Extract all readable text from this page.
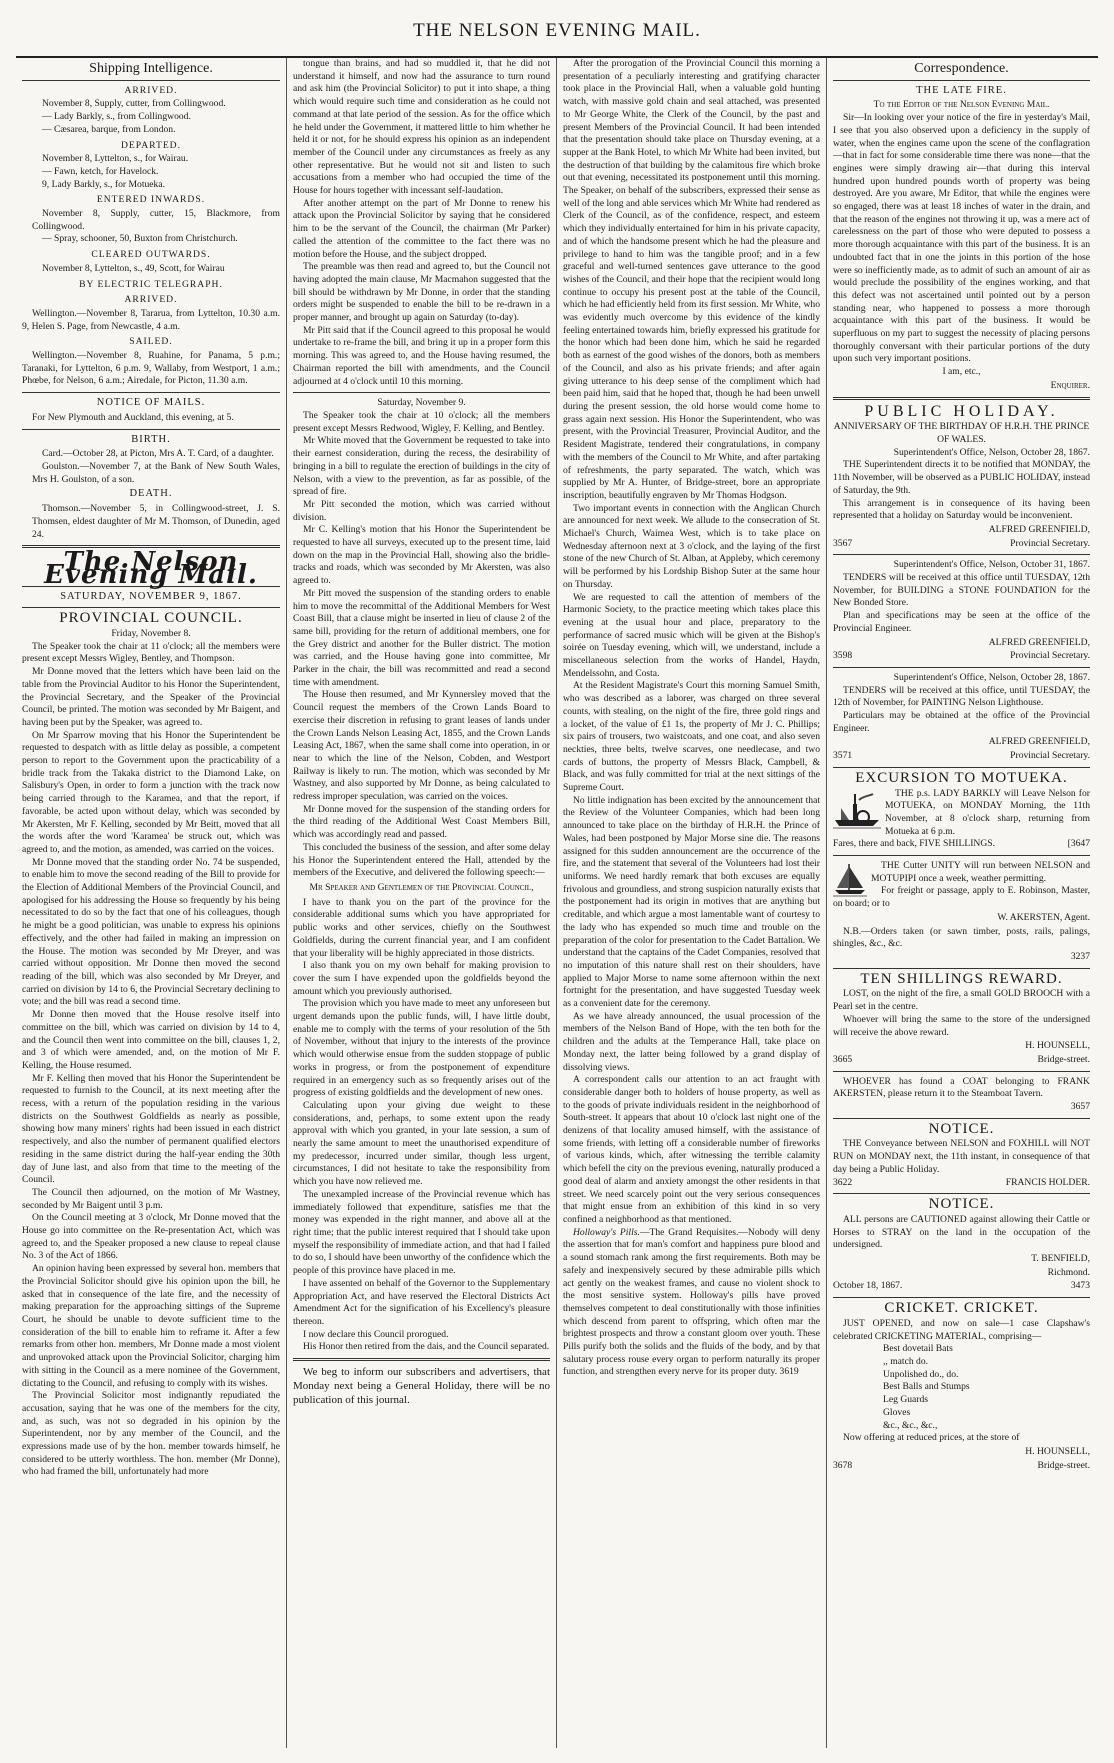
THE NELSON EVENING MAIL.
Shipping Intelligence.
ARRIVED.

November 8, Supply, cutter, from Collingwood.

— Lady Barkly, s., from Collingwood.

— Cæsarea, barque, from London.

DEPARTED.

November 8, Lyttelton, s., for Wairau.

— Fawn, ketch, for Havelock.

9, Lady Barkly, s., for Motueka.

ENTERED INWARDS.

November 8, Supply, cutter, 15, Blackmore, from Collingwood.

— Spray, schooner, 50, Buxton from Christchurch.

CLEARED OUTWARDS.

November 8, Lyttelton, s., 49, Scott, for Wairau

BY ELECTRIC TELEGRAPH.
ARRIVED.

Wellington.—November 8, Tararua, from Lyttelton, 10.30 a.m. 9, Helen S. Page, from Newcastle, 4 a.m.

SAILED.

Wellington.—November 8, Ruahine, for Panama, 5 p.m.; Taranaki, for Lyttelton, 6 p.m. 9, Wallaby, from Westport, 1 a.m.; Phœbe, for Nelson, 6 a.m.; Airedale, for Picton, 11.30 a.m.

NOTICE OF MAILS.

For New Plymouth and Auckland, this evening, at 5.

BIRTH.

Card.—October 28, at Picton, Mrs A. T. Card, of a daughter.

Goulston.—November 7, at the Bank of New South Wales, Mrs H. Goulston, of a son.

DEATH.

Thomson.—November 5, in Collingwood-street, J. S. Thomsen, eldest daughter of Mr M. Thomson, of Dunedin, aged 24.

The Nelson Evening Mail.
SATURDAY, NOVEMBER 9, 1867.
PROVINCIAL COUNCIL.
Friday, November 8.

The Speaker took the chair at 11 o'clock; all the members were present except Messrs Wigley, Bentley, and Thompson.

Mr Donne moved that the letters which have been laid on the table from the Provincial Auditor to his Honor the Superintendent, the Provincial Secretary, and the Speaker of the Provincial Council, be printed. The motion was seconded by Mr Baigent, and having been put by the Speaker, was agreed to.

On Mr Sparrow moving that his Honor the Superintendent be requested to despatch with as little delay as possible, a competent person to report to the Government upon the practicability of a bridle track from the Takaka district to the Diamond Lake, on Salisbury's Open, in order to form a junction with the track now being carried through to the Karamea, and that the report, if favorable, be acted upon without delay, which was seconded by Mr Akersten, Mr F. Kelling, seconded by Mr Beitt, moved that all the words after the word 'Karamea' be struck out, which was agreed to, and the motion, as amended, was carried on the voices.

Mr Donne moved that the standing order No. 74 be suspended, to enable him to move the second reading of the Bill to provide for the Election of Additional Members of the Provincial Council, and apologised for his addressing the House so frequently by his being necessitated to do so by the fact that one of his colleagues, though he might be a good politician, was unable to express his opinions effectively, and the other had failed in making an impression on the House. The motion was seconded by Mr Dreyer, and was carried without opposition. Mr Donne then moved the second reading of the bill, which was also seconded by Mr Dreyer, and carried on division by 14 to 6, the Provincial Secretary declining to vote; and the bill was read a second time.

Mr Donne then moved that the House resolve itself into committee on the bill, which was carried on division by 14 to 4, and the Council then went into committee on the bill, clauses 1, 2, and 3 of which were amended, and, on the motion of Mr F. Kelling, the House resumed.

Mr F. Kelling then moved that his Honor the Superintendent be requested to furnish to the Council, at its next meeting after the recess, with a return of the population residing in the various districts on the Southwest Goldfields as nearly as possible, showing how many miners' rights had been issued in each district respectively, and also the number of permanent qualified electors residing in the same district during the half-year ending the 30th day of June last, and also from that time to the meeting of the Council.

The Council then adjourned, on the motion of Mr Wastney, seconded by Mr Baigent until 3 p.m.

On the Council meeting at 3 o'clock, Mr Donne moved that the House go into committee on the Re-presentation Act, which was agreed to, and the Speaker proposed a new clause to repeal clause No. 3 of the Act of 1866.

An opinion having been expressed by several hon. members that the Provincial Solicitor should give his opinion upon the bill, he asked that in consequence of the late fire, and the necessity of making preparation for the approaching sittings of the Supreme Court, he should be unable to devote sufficient time to the consideration of the bill to enable him to reframe it. After a few remarks from other hon. members, Mr Donne made a most violent and unprovoked attack upon the Provincial Solicitor, charging him with sitting in the Council as a mere nominee of the Government, dictating to the Council, and refusing to comply with its wishes.

The Provincial Solicitor most indignantly repudiated the accusation, saying that he was one of the members for the city, and, as such, was not so degraded in his opinion by the Superintendent, nor by any member of the Council, and the expressions made use of by the hon. member towards himself, he considered to be utterly worthless. The hon. member (Mr Donne), who had framed the bill, unfortunately had more

tongue than brains, and had so muddled it, that he did not understand it himself, and now had the assurance to turn round and ask him (the Provincial Solicitor) to put it into shape, a thing which would require such time and consideration as he could not command at that late period of the session. As for the office which he held under the Government, it mattered little to him whether he held it or not, for he should express his opinion as an independent member of the Council under any circumstances as freely as any other representative. But he would not sit and listen to such accusations from a member who had occupied the time of the House for hours together with incessant self-laudation.

After another attempt on the part of Mr Donne to renew his attack upon the Provincial Solicitor by saying that he considered him to be the servant of the Council, the chairman (Mr Parker) called the attention of the committee to the fact there was no motion before the House, and the subject dropped.

The preamble was then read and agreed to, but the Council not having adopted the main clause, Mr Macmahon suggested that the bill should be withdrawn by Mr Donne, in order that the standing orders might be suspended to enable the bill to be re-drawn in a proper manner, and brought up again on Saturday (to-day).

Mr Pitt said that if the Council agreed to this proposal he would undertake to re-frame the bill, and bring it up in a proper form this morning. This was agreed to, and the House having resumed, the Chairman reported the bill with amendments, and the Council adjourned at 4 o'clock until 10 this morning.

Saturday, November 9.

The Speaker took the chair at 10 o'clock; all the members present except Messrs Redwood, Wigley, F. Kelling, and Bentley.

Mr White moved that the Government be requested to take into their earnest consideration, during the recess, the desirability of bringing in a bill to regulate the erection of buildings in the city of Nelson, with a view to the prevention, as far as possible, of the spread of fire.

Mr Pitt seconded the motion, which was carried without division.

Mr C. Kelling's motion that his Honor the Superintendent be requested to have all surveys, executed up to the present time, laid down on the map in the Provincial Hall, showing also the bridle-tracks and roads, which was seconded by Mr Akersten, was also agreed to.

Mr Pitt moved the suspension of the standing orders to enable him to move the recommittal of the Additional Members for West Coast Bill, that a clause might be inserted in lieu of clause 2 of the same bill, providing for the return of additional members, one for the Grey district and another for the Buller district. The motion was carried, and the House having gone into committee, Mr Parker in the chair, the bill was recommitted and read a second time with amendment.

The House then resumed, and Mr Kynnersley moved that the Council request the members of the Crown Lands Board to exercise their discretion in refusing to grant leases of lands under the Crown Lands Nelson Leasing Act, 1855, and the Crown Lands Leasing Act, 1867, when the same shall come into operation, in or near to which the line of the Nelson, Cobden, and Westport Railway is likely to run. The motion, which was seconded by Mr Wastney, and also supported by Mr Donne, as being calculated to redress improper speculation, was carried on the voices.

Mr Donne moved for the suspension of the standing orders for the third reading of the Additional West Coast Members Bill, which was accordingly read and passed.

This concluded the business of the session, and after some delay his Honor the Superintendent entered the Hall, attended by the members of the Executive, and delivered the following speech:—

Mr Speaker and Gentlemen of the Provincial Council,

I have to thank you on the part of the province for the considerable additional sums which you have appropriated for public works and other services, chiefly on the Southwest Goldfields, during the current financial year, and I am confident that your liberality will be highly appreciated in those districts.

I also thank you on my own behalf for making provision to cover the sum I have expended upon the goldfields beyond the amount which you previously authorised.

The provision which you have made to meet any unforeseen but urgent demands upon the public funds, will, I have little doubt, enable me to comply with the terms of your resolution of the 5th of November, without that injury to the interests of the province which would otherwise ensue from the sudden stoppage of public works in progress, or from the postponement of expenditure required in an emergency such as so frequently arises out of the progress of existing goldfields and the development of new ones.

Calculating upon your giving due weight to these considerations, and, perhaps, to some extent upon the ready approval with which you granted, in your late session, a sum of nearly the same amount to meet the unauthorised expenditure of my predecessor, incurred under similar, though less urgent, circumstances, I did not hesitate to take the responsibility from which you have now relieved me.

The unexampled increase of the Provincial revenue which has immediately followed that expenditure, satisfies me that the money was expended in the right manner, and above all at the right time; that the public interest required that I should take upon myself the responsibility of immediate action, and that had I failed to do so, I should have been unworthy of the confidence which the people of this province have placed in me.

I have assented on behalf of the Governor to the Supplementary Appropriation Act, and have reserved the Electoral Districts Act Amendment Act for the signification of his Excellency's pleasure thereon.

I now declare this Council prorogued.

His Honor then retired from the dais, and the Council separated.

We beg to inform our subscribers and advertisers, that Monday next being a General Holiday, there will be no publication of this journal.

After the prorogation of the Provincial Council this morning a presentation of a peculiarly interesting and gratifying character took place in the Provincial Hall, when a valuable gold hunting watch, with massive gold chain and seal attached, was presented to Mr George White, the Clerk of the Council, by the past and present Members of the Provincial Council. It had been intended that the presentation should take place on Thursday evening, at a supper at the Bank Hotel, to which Mr White had been invited, but the destruction of that building by the calamitous fire which broke out that evening, necessitated its postponement until this morning. The Speaker, on behalf of the subscribers, expressed their sense as well of the long and able services which Mr White had rendered as Clerk of the Council, as of the confidence, respect, and esteem which they individually entertained for him in his private capacity, and of which the handsome present which he had the pleasure and privilege to hand to him was the tangible proof; and in a few graceful and well-turned sentences gave utterance to the good wishes of the Council, and their hope that the recipient would long continue to occupy his present post at the table of the Council, which he had efficiently held from its first session. Mr White, who was evidently much overcome by this evidence of the kindly feeling entertained towards him, briefly expressed his gratitude for the honor which had been done him, which he said he regarded both as earnest of the good wishes of the donors, both as members of the Council, and also as his private friends; and after again giving utterance to his deep sense of the compliment which had been paid him, said that he hoped that, though he had been unwell during the present session, the old horse would come home to grass again next session. His Honor the Superintendent, who was present, with the Provincial Treasurer, Provincial Auditor, and the Resident Magistrate, tendered their congratulations, in company with the members of the Council to Mr White, and after partaking of refreshments, the party separated. The watch, which was supplied by Mr A. Hunter, of Bridge-street, bore an appropriate inscription, beautifully engraven by Mr Thomas Hodgson.

Two important events in connection with the Anglican Church are announced for next week. We allude to the consecration of St. Michael's Church, Waimea West, which is to take place on Wednesday afternoon next at 3 o'clock, and the laying of the first stone of the new Church of St. Alban, at Appleby, which ceremony will be performed by his Lordship Bishop Suter at the same hour on Thursday.

We are requested to call the attention of members of the Harmonic Society, to the practice meeting which takes place this evening at the usual hour and place, preparatory to the performance of sacred music which will be given at the Bishop's soirée on Tuesday evening, which will, we understand, include a miscellaneous selection from the works of Handel, Haydn, Mendelssohn, and Costa.

At the Resident Magistrate's Court this morning Samuel Smith, who was described as a laborer, was charged on three several counts, with stealing, on the night of the fire, three gold rings and a locket, of the value of £1 1s, the property of Mr J. C. Phillips; six pairs of trousers, two waistcoats, and one coat, and also seven neckties, three belts, twelve scarves, one needlecase, and two cards of buttons, the property of Messrs Black, Campbell, & Black, and was fully committed for trial at the next sittings of the Supreme Court.

No little indignation has been excited by the announcement that the Review of the Volunteer Companies, which had been long announced to take place on the birthday of H.R.H. the Prince of Wales, had been postponed by Major Morse sine die. The reasons assigned for this sudden announcement are the occurrence of the fire, and the statement that several of the Volunteers had lost their uniforms. We need hardly remark that both excuses are equally frivolous and groundless, and strong suspicion naturally exists that the postponement had its origin in motives that are anything but creditable, and which argue a most lamentable want of courtesy to the lady who has expended so much time and trouble on the preparation of the color for presentation to the Cadet Battalion. We understand that the captains of the Cadet Companies, resolved that no imputation of this nature shall rest on their shoulders, have applied to Major Morse to name some afternoon within the next fortnight for the presentation, and have suggested Tuesday week as a convenient date for the ceremony.

As we have already announced, the usual procession of the members of the Nelson Band of Hope, with the ten both for the children and the adults at the Temperance Hall, take place on Monday next, the latter being followed by a grand display of dissolving views.

A correspondent calls our attention to an act fraught with considerable danger both to holders of house property, as well as to the goods of private individuals resident in the neighborhood of South-street. It appears that about 10 o'clock last night one of the denizens of that locality amused himself, with the assistance of some friends, with letting off a considerable number of fireworks of various kinds, which, after witnessing the terrible calamity which befell the city on the previous evening, naturally produced a good deal of alarm and anxiety amongst the other residents in that street. We need scarcely point out the very serious consequences that might ensue from an exhibition of this kind in so very confined a neighborhood as that mentioned.

Holloway's Pills.—The Grand Requisites.—Nobody will deny the assertion that for man's comfort and happiness pure blood and a sound stomach rank among the first requirements. Both may be safely and inexpensively secured by these admirable pills which act gently on the weakest frames, and cause no violent shock to the most sensitive system. Holloway's pills have proved themselves competent to deal constitutionally with those infinities which descend from parent to offspring, which often mar the brightest prospects and throw a constant gloom over youth. These Pills purify both the solids and the fluids of the body, and by that salutary process rouse every organ to perform naturally its proper function, and strengthen every nerve for its proper duty. 3619

Correspondence.
THE LATE FIRE.
To the Editor of the Nelson Evening Mail.

Sir—In looking over your notice of the fire in yesterday's Mail, I see that you also observed upon a deficiency in the supply of water, when the engines came upon the scene of the conflagration—that in fact for some considerable time there was none—that the engines were simply drawing air—that during this interval hundred upon hundred pounds worth of property was being destroyed. Are you aware, Mr Editor, that while the engines were so engaged, there was at least 18 inches of water in the drain, and that the reason of the engines not throwing it up, was a mere act of carelessness on the part of those who were deputed to possess a more thorough acquaintance with this part of the business. It is an undoubted fact that in one the joints in this portion of the hose were so inefficiently made, as to admit of such an amount of air as would preclude the possibility of the engines working, and that this defect was not ascertained until pointed out by a person standing near, who happened to possess a more thorough acquaintance with this part of the business. It would be superfluous on my part to suggest the necessity of placing persons thoroughly conversant with their particular portions of the duty upon such very important positions.

I am, etc.,
Enquirer.
PUBLIC HOLIDAY.
ANNIVERSARY OF THE BIRTHDAY OF H.R.H. THE PRINCE OF WALES.
Superintendent's Office, Nelson, October 28, 1867.

THE Superintendent directs it to be notified that MONDAY, the 11th November, will be observed as a PUBLIC HOLIDAY, instead of Saturday, the 9th.

This arrangement is in consequence of its having been represented that a holiday on Saturday would be inconvenient.

ALFRED GREENFIELD,
3567	Provincial Secretary.
Superintendent's Office, Nelson, October 31, 1867.

TENDERS will be received at this office until TUESDAY, 12th November, for BUILDING a STONE FOUNDATION for the New Bonded Store.

Plan and specifications may be seen at the office of the Provincial Engineer.

ALFRED GREENFIELD,
3598	Provincial Secretary.
Superintendent's Office, Nelson, October 28, 1867.

TENDERS will be received at this office, until TUESDAY, the 12th of November, for PAINTING Nelson Lighthouse.

Particulars may be obtained at the office of the Provincial Engineer.

ALFRED GREENFIELD,
3571	Provincial Secretary.
EXCURSION TO MOTUEKA.

THE p.s. LADY BARKLY will Leave Nelson for MOTUEKA, on MONDAY Morning, the 11th November, at 8 o'clock sharp, returning from Motueka at 6 p.m.

Fares, there and back, FIVE SHILLINGS.	[3647

THE Cutter UNITY will run between NELSON and MOTUPIPI once a week, weather permitting.

For freight or passage, apply to E. Robinson, Master, on board; or to

W. AKERSTEN, Agent.

N.B.—Orders taken (or sawn timber, posts, rails, palings, shingles, &c., &c.

3237
TEN SHILLINGS REWARD.

LOST, on the night of the fire, a small GOLD BROOCH with a Pearl set in the centre.

Whoever will bring the same to the store of the undersigned will receive the above reward.

H. HOUNSELL,
3665	Bridge-street.

WHOEVER has found a COAT belonging to FRANK AKERSTEN, please return it to the Steamboat Tavern.

3657
NOTICE.

THE Conveyance between NELSON and FOXHILL will NOT RUN on MONDAY next, the 11th instant, in consequence of that day being a Public Holiday.

3622	FRANCIS HOLDER.
NOTICE.

ALL persons are CAUTIONED against allowing their Cattle or Horses to STRAY on the land in the occupation of the undersigned.

T. BENFIELD,
Richmond.
October 18, 1867.	3473
CRICKET. CRICKET.

JUST OPENED, and now on sale—1 case Clapshaw's celebrated CRICKETING MATERIAL, comprising—

Best dovetail Bats
,, match do.
Unpolished do., do.
Best Balls and Stumps
Leg Guards
Gloves
&c., &c., &c.,

Now offering at reduced prices, at the store of

H. HOUNSELL,
3678	Bridge-street.
